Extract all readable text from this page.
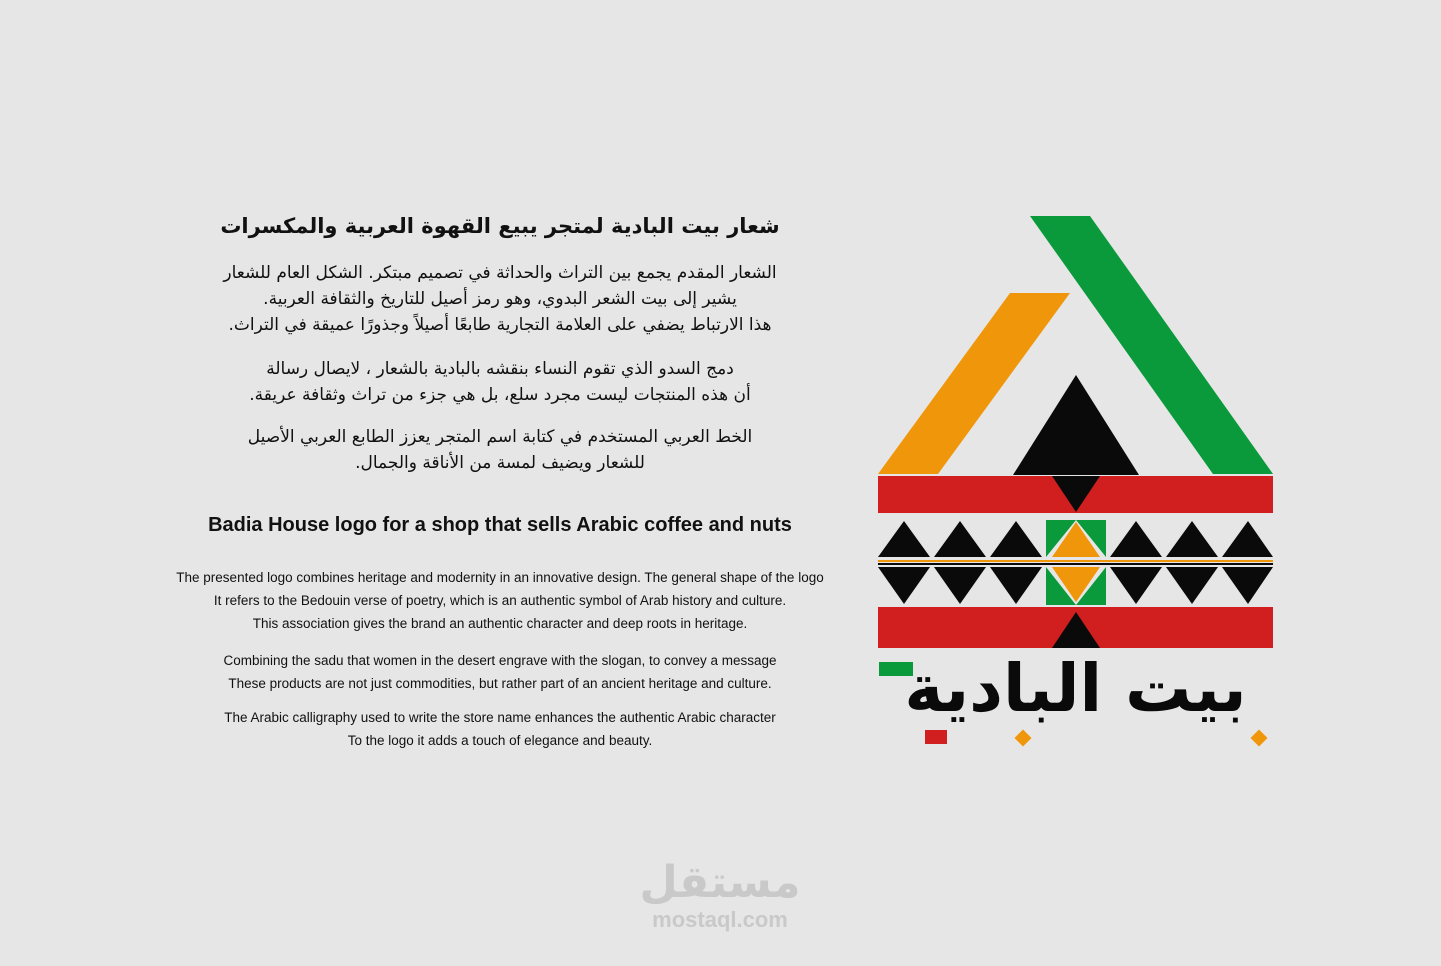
شعار بيت البادية لمتجر يبيع القهوة العربية والمكسرات
الشعار المقدم يجمع بين التراث والحداثة في تصميم مبتكر. الشكل العام للشعار
يشير إلى بيت الشعر البدوي، وهو رمز أصيل للتاريخ والثقافة العربية.
هذا الارتباط يضفي على العلامة التجارية طابعًا أصيلاً وجذورًا عميقة في التراث.
دمج السدو الذي تقوم النساء بنقشه بالبادية بالشعار ، لايصال رسالة
أن هذه المنتجات ليست مجرد سلع، بل هي جزء من تراث وثقافة عريقة.
الخط العربي المستخدم في كتابة اسم المتجر يعزز الطابع العربي الأصيل
للشعار ويضيف لمسة من الأناقة والجمال.
Badia House logo for a shop that sells Arabic coffee and nuts
The presented logo combines heritage and modernity in an innovative design. The general shape of the logo
It refers to the Bedouin verse of poetry, which is an authentic symbol of Arab history and culture.
This association gives the brand an authentic character and deep roots in heritage.
Combining the sadu that women in the desert engrave with the slogan, to convey a message
These products are not just commodities, but rather part of an ancient heritage and culture.
The Arabic calligraphy used to write the store name enhances the authentic Arabic character
To the logo it adds a touch of elegance and beauty.
بيت البادية
مستقل
mostaql.com
